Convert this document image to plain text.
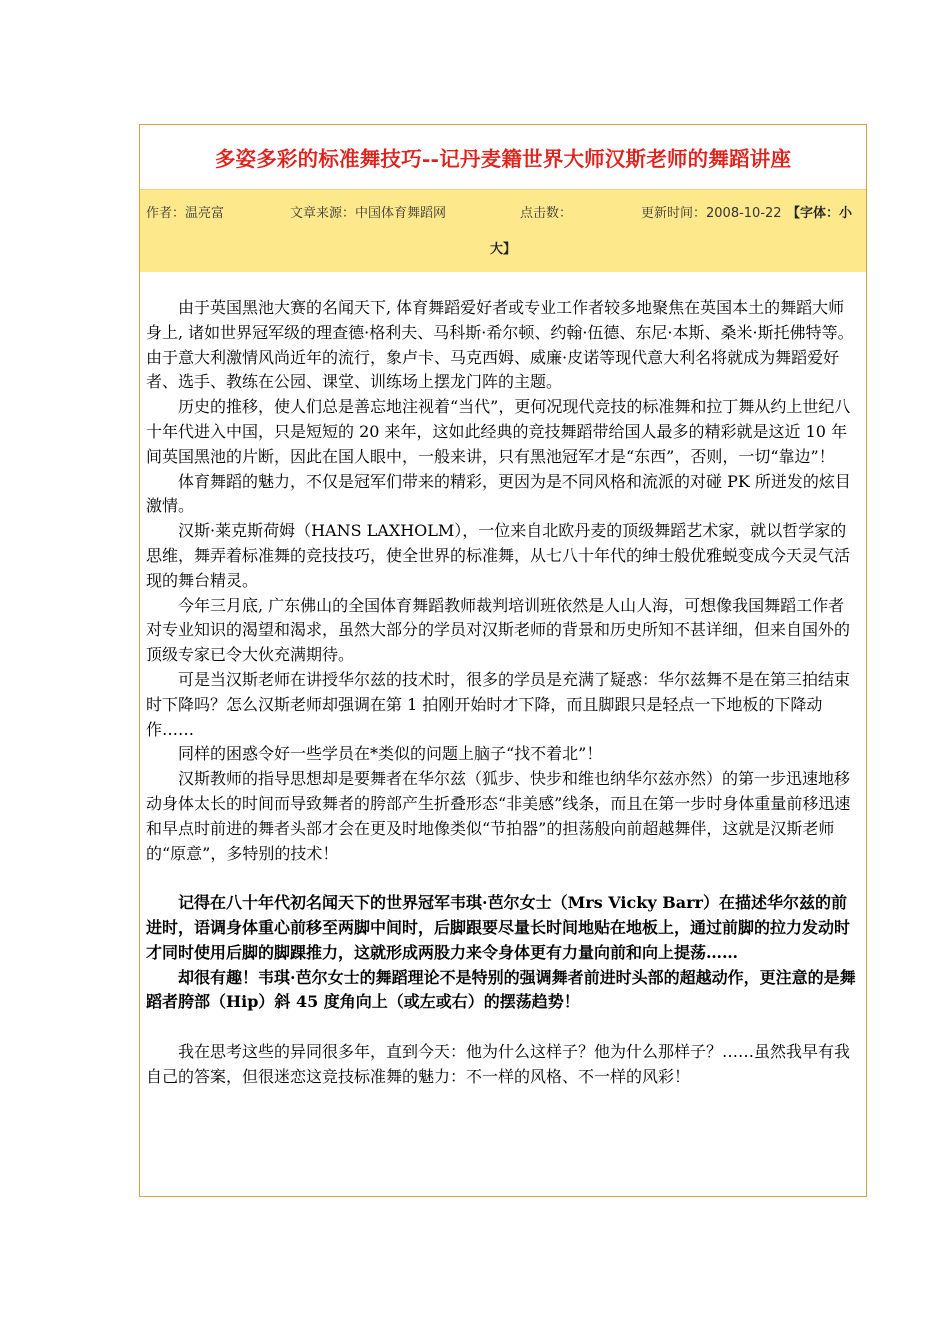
多姿多彩的标准舞技巧--记丹麦籍世界大师汉斯老师的舞蹈讲座
作者：温亮富	文章来源：中国体育舞蹈网	点击数：	更新时间：2008-10-22 【字体：小
大】

由于英国黑池大赛的名闻天下, 体育舞蹈爱好者或专业工作者较多地聚焦在英国本土的舞蹈大师身上, 诸如世界冠军级的理查德·格利夫、马科斯·希尔顿、约翰·伍德、东尼·本斯、桑米·斯托佛特等。由于意大利激情风尚近年的流行，象卢卡、马克西姆、威廉·皮诺等现代意大利名将就成为舞蹈爱好者、选手、教练在公园、课堂、训练场上摆龙门阵的主题。

历史的推移，使人们总是善忘地注视着“当代”，更何况现代竞技的标准舞和拉丁舞从约上世纪八十年代进入中国，只是短短的 20 来年，这如此经典的竞技舞蹈带给国人最多的精彩就是这近 10 年间英国黑池的片断，因此在国人眼中，一般来讲，只有黑池冠军才是“东西”，否则，一切“靠边”！

体育舞蹈的魅力，不仅是冠军们带来的精彩，更因为是不同风格和流派的对碰 PK 所迸发的炫目激情。

汉斯·莱克斯荷姆（HANS LAXHOLM），一位来自北欧丹麦的顶级舞蹈艺术家，就以哲学家的思维，舞弄着标准舞的竞技技巧，使全世界的标准舞，从七八十年代的绅士般优雅蜕变成今天灵气活现的舞台精灵。

今年三月底, 广东佛山的全国体育舞蹈教师裁判培训班依然是人山人海，可想像我国舞蹈工作者对专业知识的渴望和渴求，虽然大部分的学员对汉斯老师的背景和历史所知不甚详细，但来自国外的顶级专家已令大伙充满期待。

可是当汉斯老师在讲授华尔兹的技术时，很多的学员是充满了疑惑：华尔兹舞不是在第三拍结束时下降吗？怎么汉斯老师却强调在第 1 拍刚开始时才下降，而且脚跟只是轻点一下地板的下降动作……

同样的困惑令好一些学员在*类似的问题上脑子“找不着北”！

汉斯教师的指导思想却是要舞者在华尔兹（狐步、快步和维也纳华尔兹亦然）的第一步迅速地移动身体太长的时间而导致舞者的胯部产生折叠形态“非美感”线条，而且在第一步时身体重量前移迅速和早点时前进的舞者头部才会在更及时地像类似“节拍器”的担荡般向前超越舞伴，这就是汉斯老师的“原意”，多特别的技术！

记得在八十年代初名闻天下的世界冠军韦琪·芭尔女士（Mrs Vicky Barr）在描述华尔兹的前进时，语调身体重心前移至两脚中间时，后脚跟要尽量长时间地贴在地板上，通过前脚的拉力发动时才同时使用后脚的脚踝推力，这就形成两股力来令身体更有力量向前和向上提荡……

却很有趣！韦琪·芭尔女士的舞蹈理论不是特别的强调舞者前进时头部的超越动作，更注意的是舞蹈者胯部（Hip）斜 45 度角向上（或左或右）的摆荡趋势！

我在思考这些的异同很多年，直到今天：他为什么这样子？他为什么那样子？……虽然我早有我自己的答案，但很迷恋这竞技标准舞的魅力：不一样的风格、不一样的风彩！
